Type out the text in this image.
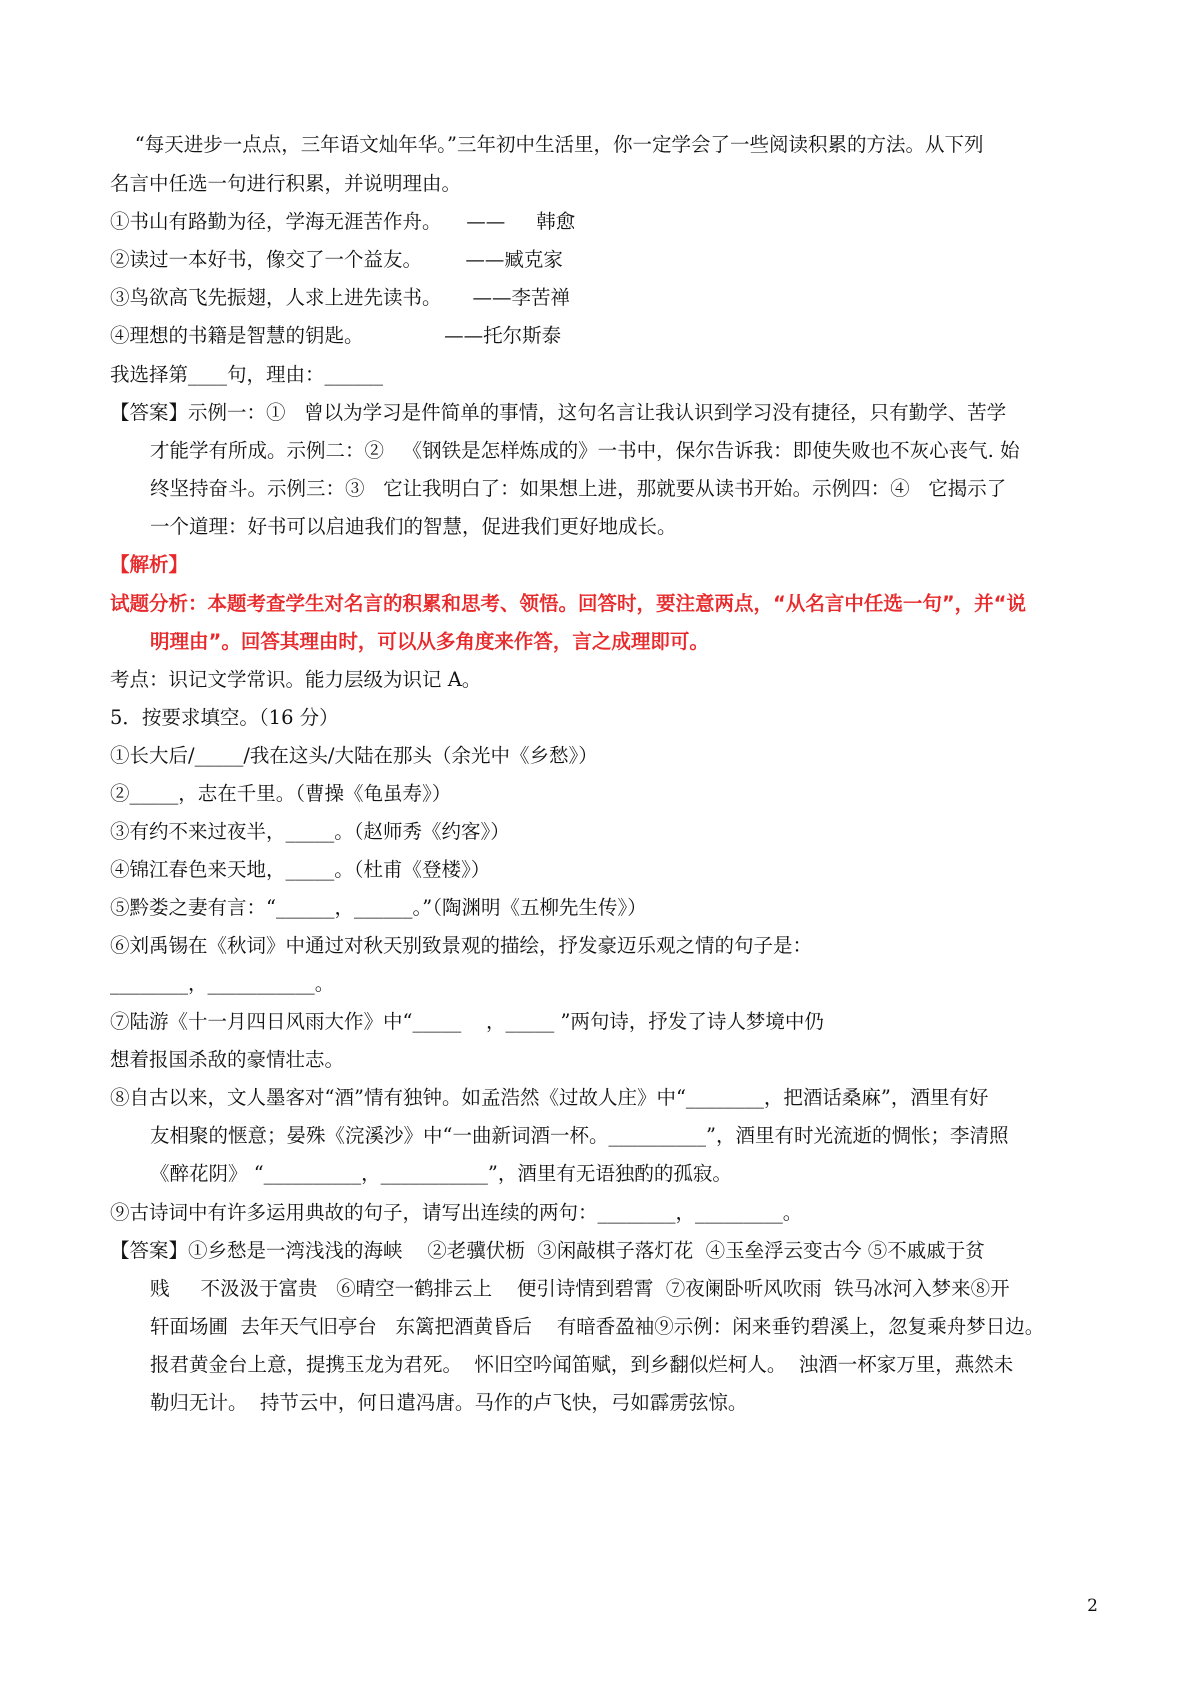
“每天进步一点点，三年语文灿年华。”三年初中生活里，你一定学会了一些阅读积累的方法。从下列
名言中任选一句进行积累，并说明理由。
①书山有路勤为径，学海无涯苦作舟。    ——     韩愈
②读过一本好书，像交了一个益友。       ——臧克家
③鸟欲高飞先振翅，人求上进先读书。     ——李苦禅
④理想的书籍是智慧的钥匙。             ——托尔斯泰
我选择第____句，理由：______
【答案】示例一：①   曾以为学习是件简单的事情，这句名言让我认识到学习没有捷径，只有勤学、苦学
才能学有所成。示例二：②   《钢铁是怎样炼成的》一书中，保尔告诉我：即使失败也不灰心丧气. 始
终坚持奋斗。示例三：③   它让我明白了：如果想上进，那就要从读书开始。示例四：④   它揭示了
一个道理：好书可以启迪我们的智慧，促进我们更好地成长。
【解析】
试题分析：本题考查学生对名言的积累和思考、领悟。回答时，要注意两点，“从名言中任选一句”，并“说
明理由”。回答其理由时，可以从多角度来作答，言之成理即可。
考点：识记文学常识。能力层级为识记 A。
5．按要求填空。（16 分）
①长大后/_____/我在这头/大陆在那头（余光中《乡愁》）
②_____，志在千里。（曹操《龟虽寿》）
③有约不来过夜半，_____。（赵师秀《约客》）
④锦江春色来天地，_____。（杜甫《登楼》）
⑤黔娄之妻有言：“______，______。”（陶渊明《五柳先生传》）
⑥刘禹锡在《秋词》中通过对秋天别致景观的描绘，抒发豪迈乐观之情的句子是：
________，___________。
⑦陆游《十一月四日风雨大作》中“_____    ，_____ ”两句诗，抒发了诗人梦境中仍
想着报国杀敌的豪情壮志。
⑧自古以来，文人墨客对“酒”情有独钟。如孟浩然《过故人庄》中“________，把酒话桑麻”，酒里有好
友相聚的惬意；晏殊《浣溪沙》中“一曲新词酒一杯。__________”，酒里有时光流逝的惆怅；李清照
《醉花阴》 “__________，___________”，酒里有无语独酌的孤寂。
⑨古诗词中有许多运用典故的句子，请写出连续的两句：________，_________。
【答案】①乡愁是一湾浅浅的海峡    ②老骥伏枥  ③闲敲棋子落灯花  ④玉垒浮云变古今 ⑤不戚戚于贫
贱     不汲汲于富贵   ⑥晴空一鹤排云上    便引诗情到碧霄  ⑦夜阑卧听风吹雨  铁马冰河入梦来⑧开
轩面场圃  去年天气旧亭台   东篱把酒黄昏后    有暗香盈袖⑨示例：闲来垂钓碧溪上，忽复乘舟梦日边。
报君黄金台上意，提携玉龙为君死。  怀旧空吟闻笛赋，到乡翻似烂柯人。  浊酒一杯家万里，燕然未
勒归无计。  持节云中，何日遣冯唐。马作的卢飞快，弓如霹雳弦惊。
2
